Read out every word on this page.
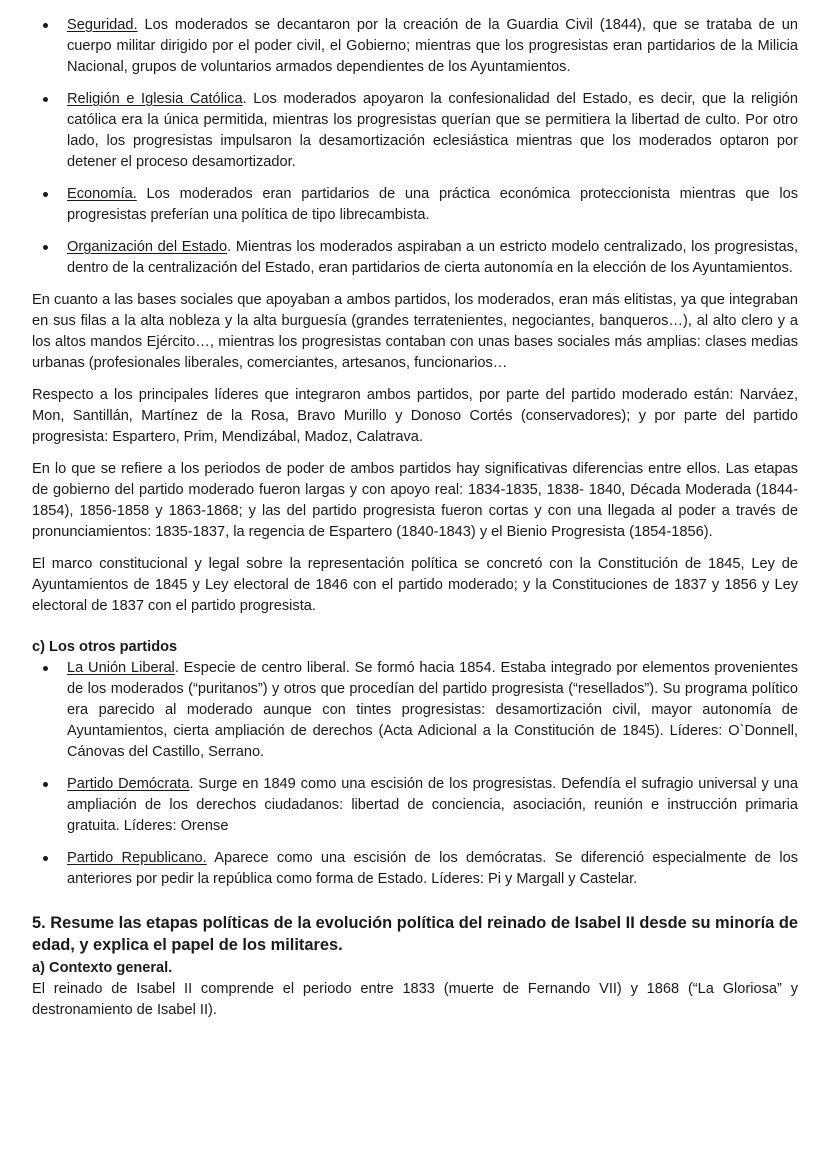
Seguridad. Los moderados se decantaron por la creación de la Guardia Civil (1844), que se trataba de un cuerpo militar dirigido por el poder civil, el Gobierno; mientras que los progresistas eran partidarios de la Milicia Nacional, grupos de voluntarios armados dependientes de los Ayuntamientos.
Religión e Iglesia Católica. Los moderados apoyaron la confesionalidad del Estado, es decir, que la religión católica era la única permitida, mientras los progresistas querían que se permitiera la libertad de culto. Por otro lado, los progresistas impulsaron la desamortización eclesiástica mientras que los moderados optaron por detener el proceso desamortizador.
Economía. Los moderados eran partidarios de una práctica económica proteccionista mientras que los progresistas preferían una política de tipo librecambista.
Organización del Estado. Mientras los moderados aspiraban a un estricto modelo centralizado, los progresistas, dentro de la centralización del Estado, eran partidarios de cierta autonomía en la elección de los Ayuntamientos.

En cuanto a las bases sociales que apoyaban a ambos partidos, los moderados, eran más elitistas, ya que integraban en sus filas a la alta nobleza y la alta burguesía (grandes terratenientes, negociantes, banqueros…), al alto clero y a los altos mandos Ejército…, mientras los progresistas contaban con unas bases sociales más amplias: clases medias urbanas (profesionales liberales, comerciantes, artesanos, funcionarios…

Respecto a los principales líderes que integraron ambos partidos, por parte del partido moderado están: Narváez, Mon, Santillán, Martínez de la Rosa, Bravo Murillo y Donoso Cortés (conservadores); y por parte del partido progresista: Espartero, Prim, Mendizábal, Madoz, Calatrava.

En lo que se refiere a los periodos de poder de ambos partidos hay significativas diferencias entre ellos. Las etapas de gobierno del partido moderado fueron largas y con apoyo real: 1834-1835, 1838- 1840, Década Moderada (1844-1854), 1856-1858 y 1863-1868; y las del partido progresista fueron cortas y con una llegada al poder a través de pronunciamientos: 1835-1837, la regencia de Espartero (1840-1843) y el Bienio Progresista (1854-1856).

El marco constitucional y legal sobre la representación política se concretó con la Constitución de 1845, Ley de Ayuntamientos de 1845 y Ley electoral de 1846 con el partido moderado; y la Constituciones de 1837 y 1856 y Ley electoral de 1837 con el partido progresista.

c) Los otros partidos
La Unión Liberal. Especie de centro liberal. Se formó hacia 1854. Estaba integrado por elementos provenientes de los moderados (“puritanos”) y otros que procedían del partido progresista (“resellados”). Su programa político era parecido al moderado aunque con tintes progresistas: desamortización civil, mayor autonomía de Ayuntamientos, cierta ampliación de derechos (Acta Adicional a la Constitución de 1845). Líderes: O`Donnell, Cánovas del Castillo, Serrano.
Partido Demócrata. Surge en 1849 como una escisión de los progresistas. Defendía el sufragio universal y una ampliación de los derechos ciudadanos: libertad de conciencia, asociación, reunión e instrucción primaria gratuita. Líderes: Orense
Partido Republicano. Aparece como una escisión de los demócratas. Se diferenció especialmente de los anteriores por pedir la república como forma de Estado. Líderes: Pi y Margall y Castelar.
5. Resume las etapas políticas de la evolución política del reinado de Isabel II desde su minoría de edad, y explica el papel de los militares.
a) Contexto general.

El reinado de Isabel II comprende el periodo entre 1833 (muerte de Fernando VII) y 1868 (“La Gloriosa” y destronamiento de Isabel II).
